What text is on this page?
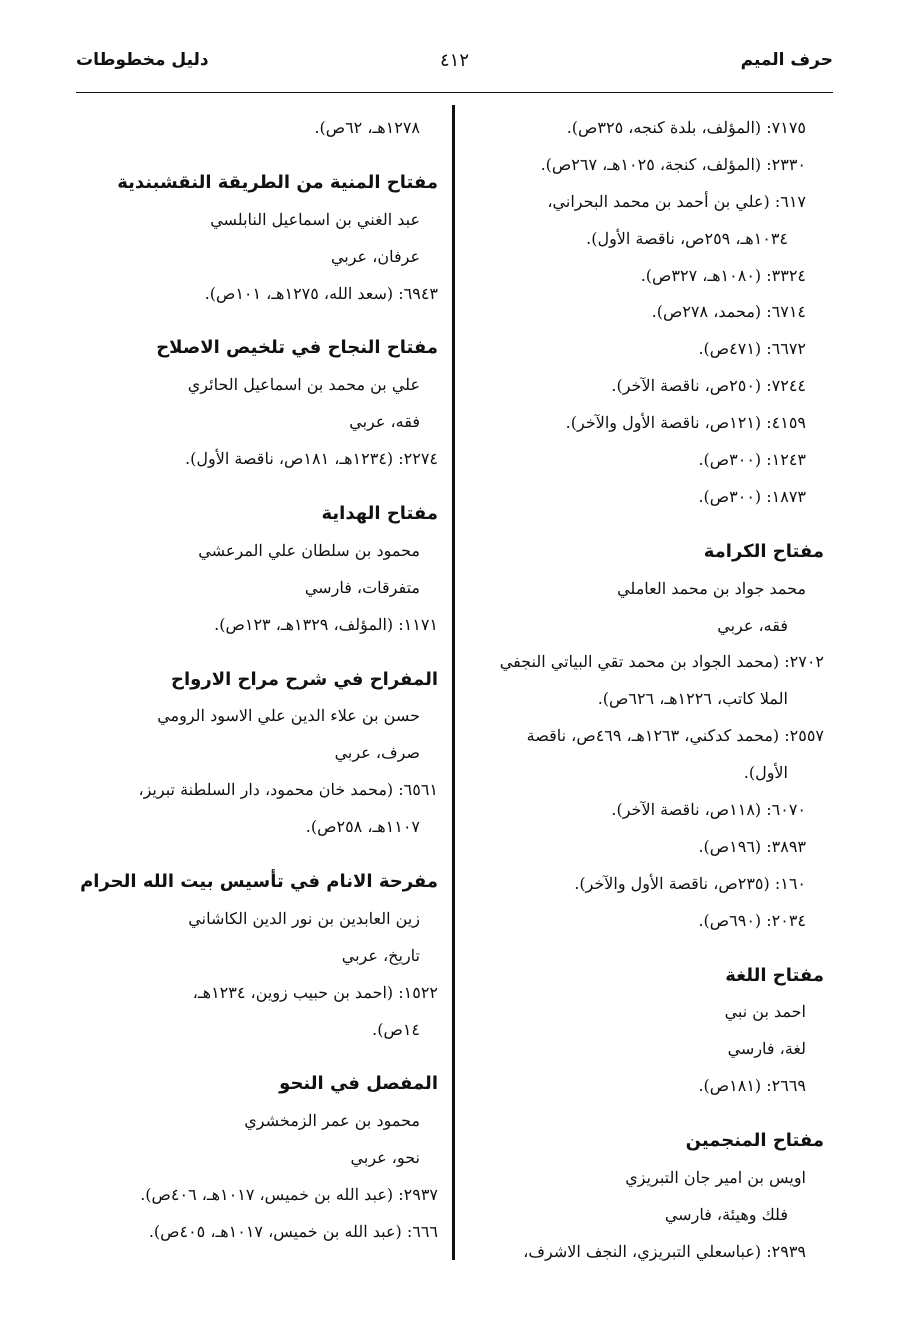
حرف الميم
٤١٢
دليل مخطوطات
٧١٧٥: (المؤلف، بلدة كنجه، ٣٢٥ص).
٢٣٣٠: (المؤلف، كنجة، ١٠٢٥هـ، ٢٦٧ص).
٦١٧: (علي بن أحمد بن محمد البحراني،
١٠٣٤هـ، ٢٥٩ص، ناقصة الأول).
٣٣٢٤: (١٠٨٠هـ، ٣٢٧ص).
٦٧١٤: (محمد، ٢٧٨ص).
٦٦٧٢: (٤٧١ص).
٧٢٤٤: (٢٥٠ص، ناقصة الآخر).
٤١٥٩: (١٢١ص، ناقصة الأول والآخر).
١٢٤٣: (٣٠٠ص).
١٨٧٣: (٣٠٠ص).
مفتاح الكرامة
محمد جواد بن محمد العاملي
فقه، عربي
٢٧٠٢: (محمد الجواد بن محمد تقي البياتي النجفي
الملا كاتب، ١٢٢٦هـ، ٦٢٦ص).
٢٥٥٧: (محمد كدكني، ١٢٦٣هـ، ٤٦٩ص، ناقصة
الأول).
٦٠٧٠: (١١٨ص، ناقصة الآخر).
٣٨٩٣: (١٩٦ص).
١٦٠: (٢٣٥ص، ناقصة الأول والآخر).
٢٠٣٤: (٦٩٠ص).
مفتاح اللغة
احمد بن نبي
لغة، فارسي
٢٦٦٩: (١٨١ص).
مفتاح المنجمين
اويس بن امير جان التبريزي
فلك وهيئة، فارسي
٢٩٣٩: (عباسعلي التبريزي، النجف الاشرف،
١٢٧٨هـ، ٦٢ص).
مفتاح المنية من الطريقة النقشبندية
عبد الغني بن اسماعيل النابلسي
عرفان، عربي
٦٩٤٣: (سعد الله، ١٢٧٥هـ، ١٠١ص).
مفتاح النجاح في تلخيص الاصلاح
علي بن محمد بن اسماعيل الحائري
فقه، عربي
٢٢٧٤: (١٢٣٤هـ، ١٨١ص، ناقصة الأول).
مفتاح الهداية
محمود بن سلطان علي المرعشي
متفرقات، فارسي
١١٧١: (المؤلف، ١٣٢٩هـ، ١٢٣ص).
المفراح في شرح مراح الارواح
حسن بن علاء الدين علي الاسود الرومي
صرف، عربي
٦٥٦١: (محمد خان محمود، دار السلطنة تبريز،
١١٠٧هـ، ٢٥٨ص).
مفرحة الانام في تأسيس بيت الله الحرام
زين العابدين بن نور الدين الكاشاني
تاريخ، عربي
١٥٢٢: (احمد بن حبيب زوين، ١٢٣٤هـ،
١٤ص).
المفصل في النحو
محمود بن عمر الزمخشري
نحو، عربي
٢٩٣٧: (عبد الله بن خميس، ١٠١٧هـ، ٤٠٦ص).
٦٦٦: (عبد الله بن خميس، ١٠١٧هـ، ٤٠٥ص).
